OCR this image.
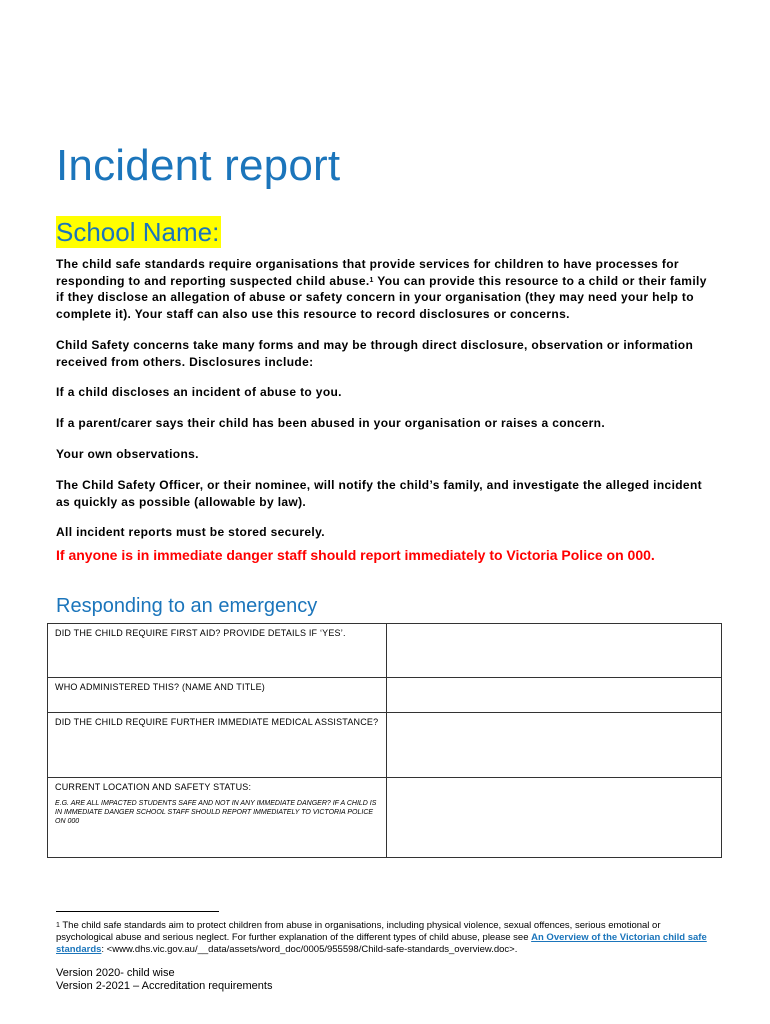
Incident report
School Name:
The child safe standards require organisations that provide services for children to have processes for responding to and reporting suspected child abuse.$^1$ You can provide this resource to a child or their family if they disclose an allegation of abuse or safety concern in your organisation (they may need your help to complete it). Your staff can also use this resource to record disclosures or concerns.
Child Safety concerns take many forms and may be through direct disclosure, observation or information received from others. Disclosures include:
If a child discloses an incident of abuse to you.
If a parent/carer says their child has been abused in your organisation or raises a concern.
Your own observations.
The Child Safety Officer, or their nominee, will notify the child’s family, and investigate the alleged incident as quickly as possible (allowable by law).
All incident reports must be stored securely.
If anyone is in immediate danger staff should report immediately to Victoria Police on 000.
Responding to an emergency
DID THE CHILD REQUIRE FIRST AID? PROVIDE DETAILS IF ‘YES’.	
WHO ADMINISTERED THIS? (NAME AND TITLE)	
DID THE CHILD REQUIRE FURTHER IMMEDIATE MEDICAL ASSISTANCE?	

CURRENT LOCATION AND SAFETY STATUS:
E.G. ARE ALL IMPACTED STUDENTS SAFE AND NOT IN ANY IMMEDIATE DANGER? IF A CHILD IS IN IMMEDIATE DANGER SCHOOL STAFF SHOULD REPORT IMMEDIATELY TO VICTORIA POLICE ON 000	

$^1$ The child safe standards aim to protect children from abuse in organisations, including physical violence, sexual offences, serious emotional or psychological abuse and serious neglect. For further explanation of the different types of child abuse, please see An Overview of the Victorian child safe standards: <www.dhs.vic.gov.au/__data/assets/word_doc/0005/955598/Child-safe-standards_overview.doc>.
Version 2020- child wise
Version 2-2021 – Accreditation requirements
